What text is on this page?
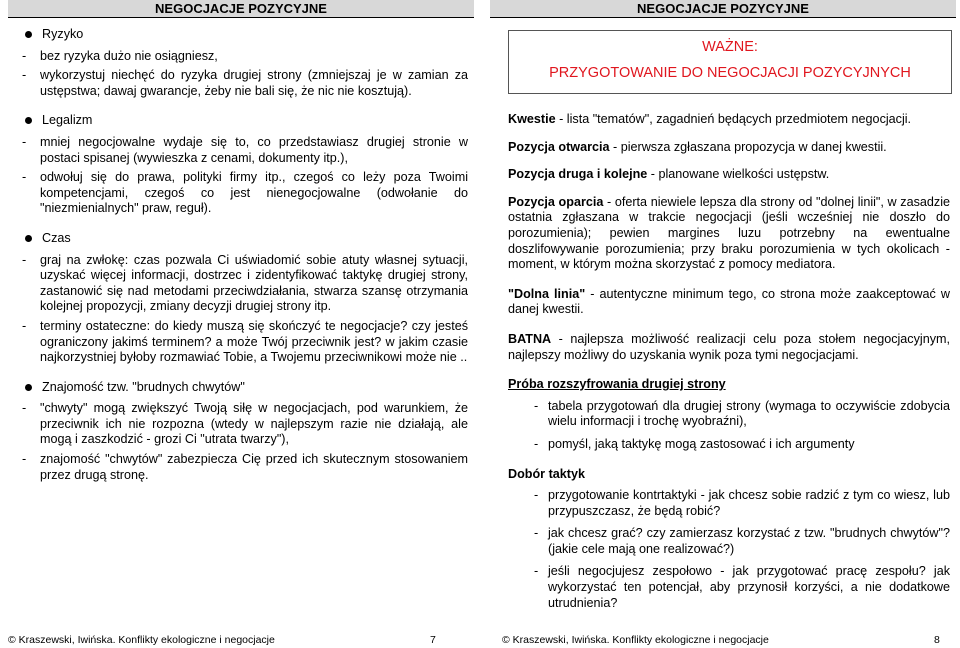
NEGOCJACJE POZYCYJNE
Ryzyko
- bez ryzyka dużo nie osiągniesz,
- wykorzystuj niechęć do ryzyka drugiej strony (zmniejszaj je w zamian za ustępstwa; dawaj gwarancje, żeby nie bali się, że nic nie kosztują).
Legalizm
- mniej negocjowalne wydaje się to, co przedstawiasz drugiej stronie w postaci spisanej (wywieszka z cenami, dokumenty itp.),
- odwołuj się do prawa, polityki firmy itp., czegoś co leży poza Twoimi kompetencjami, czegoś co jest nienegocjowalne (odwołanie do "niezmienialnych" praw, reguł).
Czas
- graj na zwłokę: czas pozwala Ci uświadomić sobie atuty własnej sytuacji, uzyskać więcej informacji, dostrzec i zidentyfikować taktykę drugiej strony, zastanowić się nad metodami przeciwdziałania, stwarza szansę otrzymania kolejnej propozycji, zmiany decyzji drugiej strony itp.
- terminy ostateczne: do kiedy muszą się skończyć te negocjacje? czy jesteś ograniczony jakimś terminem? a może Twój przeciwnik jest? w jakim czasie najkorzystniej byłoby rozmawiać Tobie, a Twojemu przeciwnikowi może nie ..
Znajomość tzw. "brudnych chwytów"
- "chwyty" mogą zwiększyć Twoją siłę w negocjacjach, pod warunkiem, że przeciwnik ich nie rozpozna (wtedy w najlepszym razie nie działają, ale mogą i zaszkodzić - grozi Ci "utrata twarzy"),
- znajomość "chwytów" zabezpiecza Cię przed ich skutecznym stosowaniem przez drugą stronę.
© Kraszewski, Iwińska. Konflikty ekologiczne i negocjacje	7
NEGOCJACJE POZYCYJNE
WAŻNE:
PRZYGOTOWANIE DO NEGOCJACJI POZYCYJNYCH
Kwestie - lista "tematów", zagadnień będących przedmiotem negocjacji.
Pozycja otwarcia - pierwsza zgłaszana propozycja w danej kwestii.
Pozycja druga i kolejne - planowane wielkości ustępstw.
Pozycja oparcia - oferta niewiele lepsza dla strony od "dolnej linii", w zasadzie ostatnia zgłaszana w trakcie negocjacji (jeśli wcześniej nie doszło do porozumienia); pewien margines luzu potrzebny na ewentualne doszlifowywanie porozumienia; przy braku porozumienia w tych okolicach - moment, w którym można skorzystać z pomocy mediatora.
"Dolna linia" - autentyczne minimum tego, co strona może zaakceptować w danej kwestii.
BATNA - najlepsza możliwość realizacji celu poza stołem negocjacyjnym, najlepszy możliwy do uzyskania wynik poza tymi negocjacjami.
Próba rozszyfrowania drugiej strony
- tabela przygotowań dla drugiej strony (wymaga to oczywiście zdobycia wielu informacji i trochę wyobraźni),
- pomyśl, jaką taktykę mogą zastosować i ich argumenty
Dobór taktyk
- przygotowanie kontrtaktyki - jak chcesz sobie radzić z tym co wiesz, lub przypuszczasz, że będą robić?
- jak chcesz grać? czy zamierzasz korzystać z tzw. "brudnych chwytów"? (jakie cele mają one realizować?)
- jeśli negocjujesz zespołowo - jak przygotować pracę zespołu? jak wykorzystać ten potencjał, aby przynosił korzyści, a nie dodatkowe utrudnienia?
© Kraszewski, Iwińska. Konflikty ekologiczne i negocjacje	8
